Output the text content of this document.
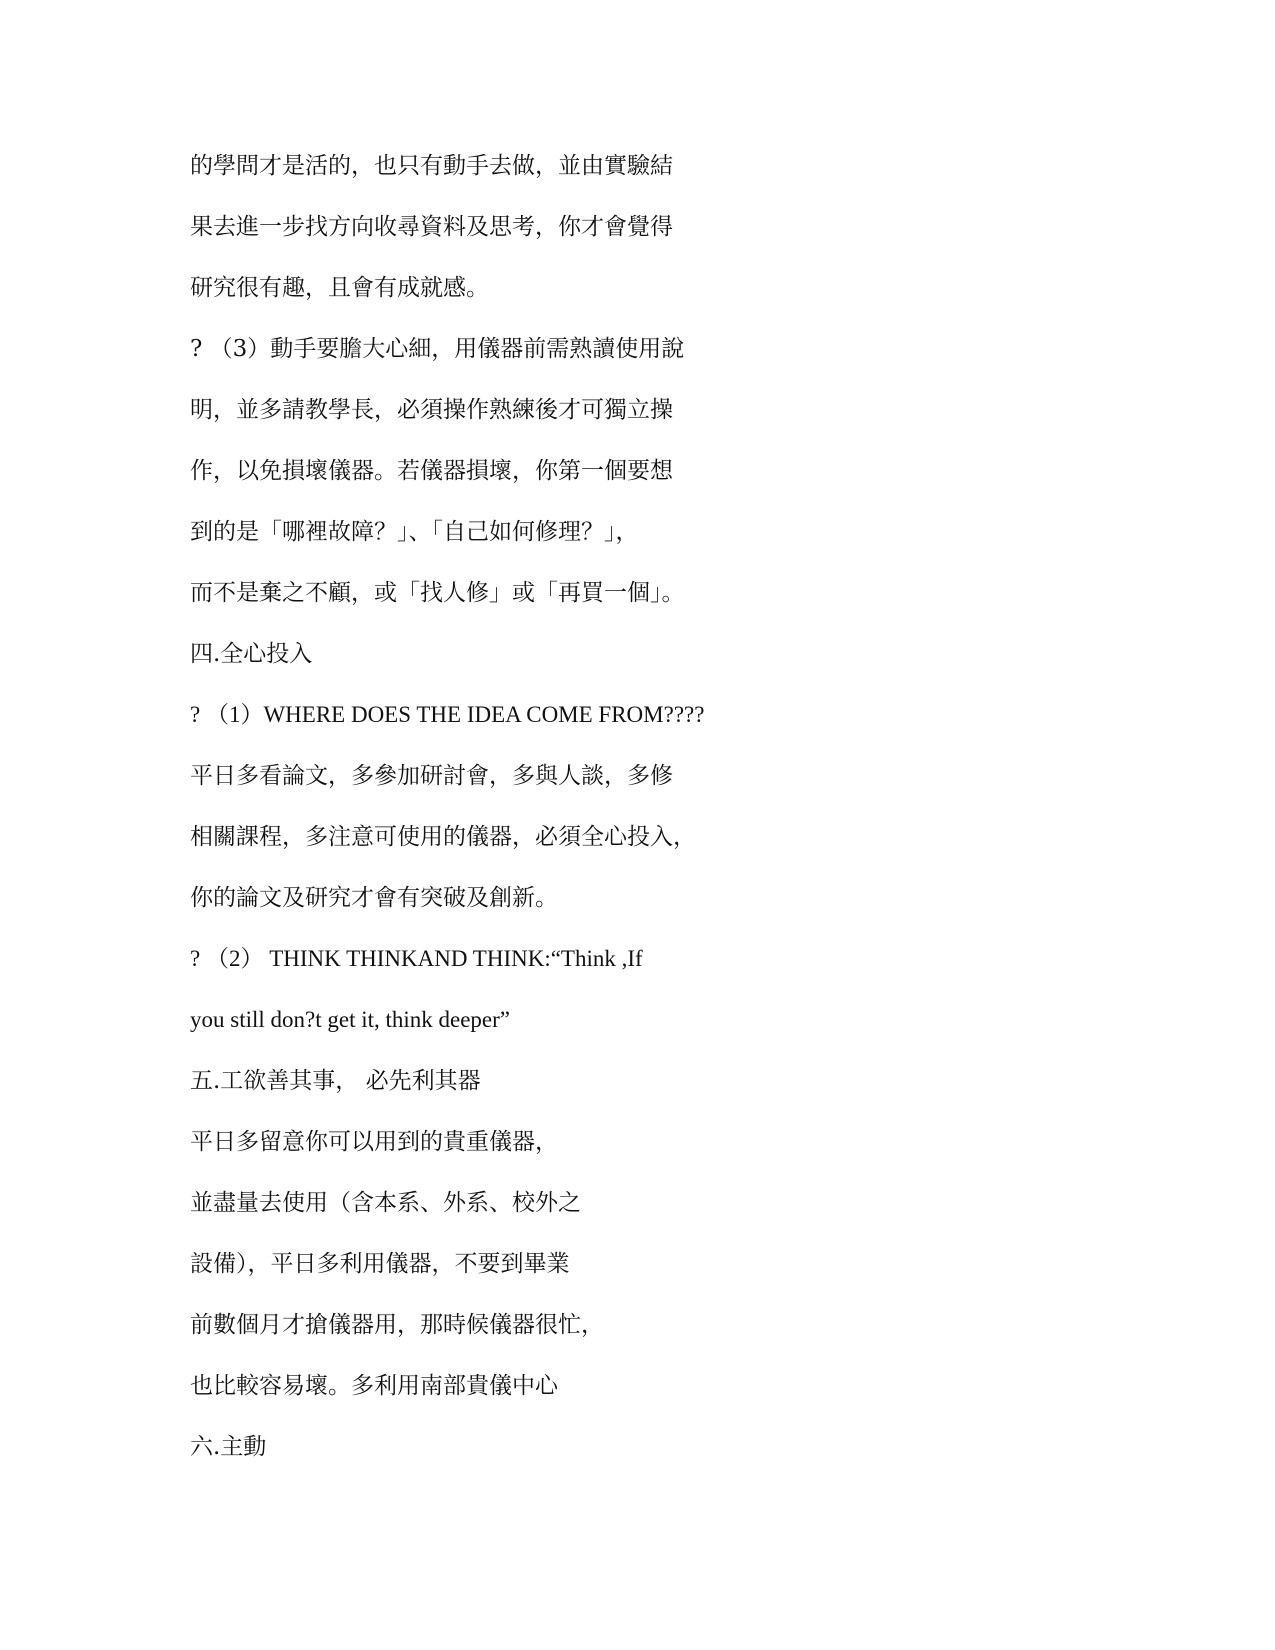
的學問才是活的，也只有動手去做，並由實驗結
果去進一步找方向收尋資料及思考，你才會覺得
研究很有趣，且會有成就感。
? （3）動手要膽大心細，用儀器前需熟讀使用說
明，並多請教學長，必須操作熟練後才可獨立操
作，以免損壞儀器。若儀器損壞，你第一個要想
到的是「哪裡故障？」、「自己如何修理？」，
而不是棄之不顧，或「找人修」或「再買一個」。
四.全心投入
? （1）WHERE DOES THE IDEA COME FROM????
平日多看論文，多參加研討會，多與人談，多修
相關課程，多注意可使用的儀器，必須全心投入，
你的論文及研究才會有突破及創新。
? （2） THINK THINKAND THINK:“Think ,If
you still don?t get it, think deeper”
五.工欲善其事， 必先利其器
平日多留意你可以用到的貴重儀器，
並盡量去使用（含本系、外系、校外之
設備），平日多利用儀器，不要到畢業
前數個月才搶儀器用，那時候儀器很忙，
也比較容易壞。多利用南部貴儀中心
六.主動
